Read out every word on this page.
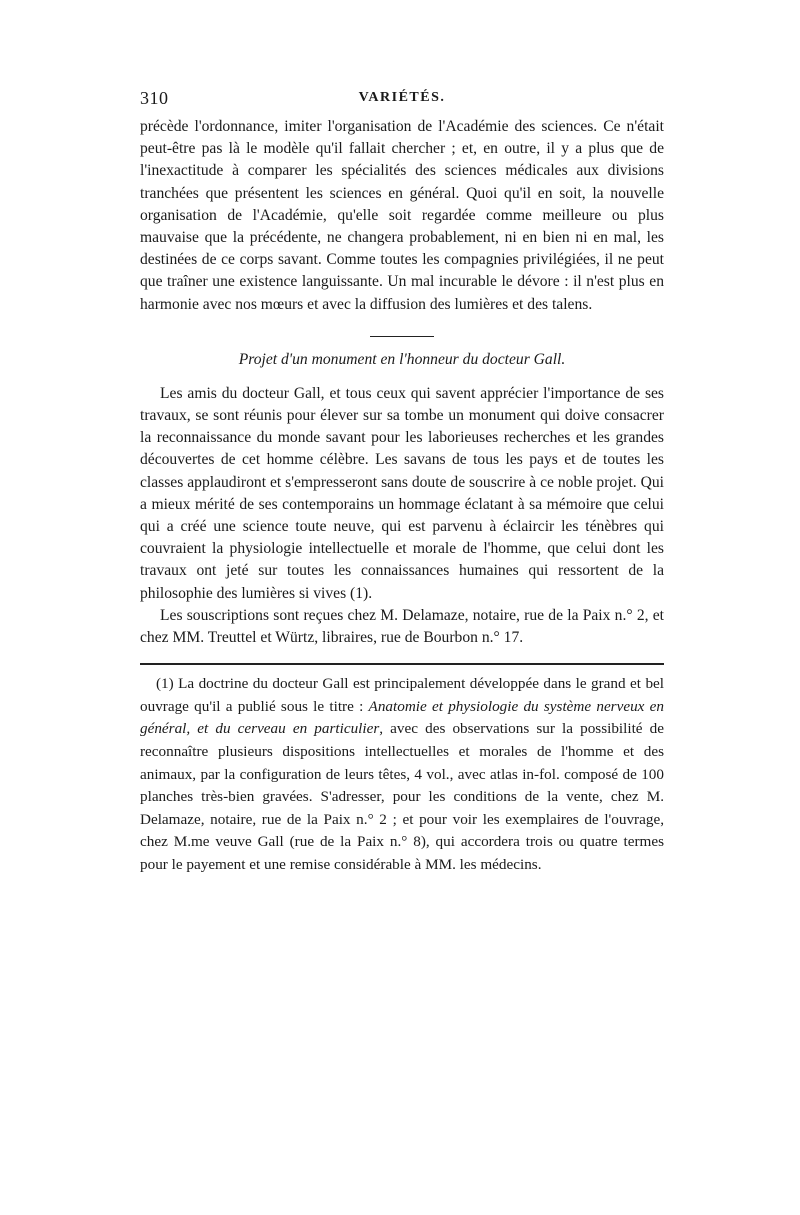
310	VARIÉTÉS.

précède l'ordonnance, imiter l'organisation de l'Académie des sciences. Ce n'était peut-être pas là le modèle qu'il fallait chercher ; et, en outre, il y a plus que de l'inexactitude à comparer les spécialités des sciences médicales aux divisions tranchées que présentent les sciences en général. Quoi qu'il en soit, la nouvelle organisation de l'Académie, qu'elle soit regardée comme meilleure ou plus mauvaise que la précédente, ne changera probablement, ni en bien ni en mal, les destinées de ce corps savant. Comme toutes les compagnies privilégiées, il ne peut que traîner une existence languissante. Un mal incurable le dévore : il n'est plus en harmonie avec nos mœurs et avec la diffusion des lumières et des talens.

Projet d'un monument en l'honneur du docteur Gall.

Les amis du docteur Gall, et tous ceux qui savent apprécier l'importance de ses travaux, se sont réunis pour élever sur sa tombe un monument qui doive consacrer la reconnaissance du monde savant pour les laborieuses recherches et les grandes découvertes de cet homme célèbre. Les savans de tous les pays et de toutes les classes applaudiront et s'empresseront sans doute de souscrire à ce noble projet. Qui a mieux mérité de ses contemporains un hommage éclatant à sa mémoire que celui qui a créé une science toute neuve, qui est parvenu à éclaircir les ténèbres qui couvraient la physiologie intellectuelle et morale de l'homme, que celui dont les travaux ont jeté sur toutes les connaissances humaines qui ressortent de la philosophie des lumières si vives (1).

Les souscriptions sont reçues chez M. Delamaze, notaire, rue de la Paix n.° 2, et chez MM. Treuttel et Würtz, libraires, rue de Bourbon n.° 17.

(1) La doctrine du docteur Gall est principalement développée dans le grand et bel ouvrage qu'il a publié sous le titre : Anatomie et physiologie du système nerveux en général, et du cerveau en particulier, avec des observations sur la possibilité de reconnaître plusieurs dispositions intellectuelles et morales de l'homme et des animaux, par la configuration de leurs têtes, 4 vol., avec atlas in-fol. composé de 100 planches très-bien gravées. S'adresser, pour les conditions de la vente, chez M. Delamaze, notaire, rue de la Paix n.° 2 ; et pour voir les exemplaires de l'ouvrage, chez M.me veuve Gall (rue de la Paix n.° 8), qui accordera trois ou quatre termes pour le payement et une remise considérable à MM. les médecins.
